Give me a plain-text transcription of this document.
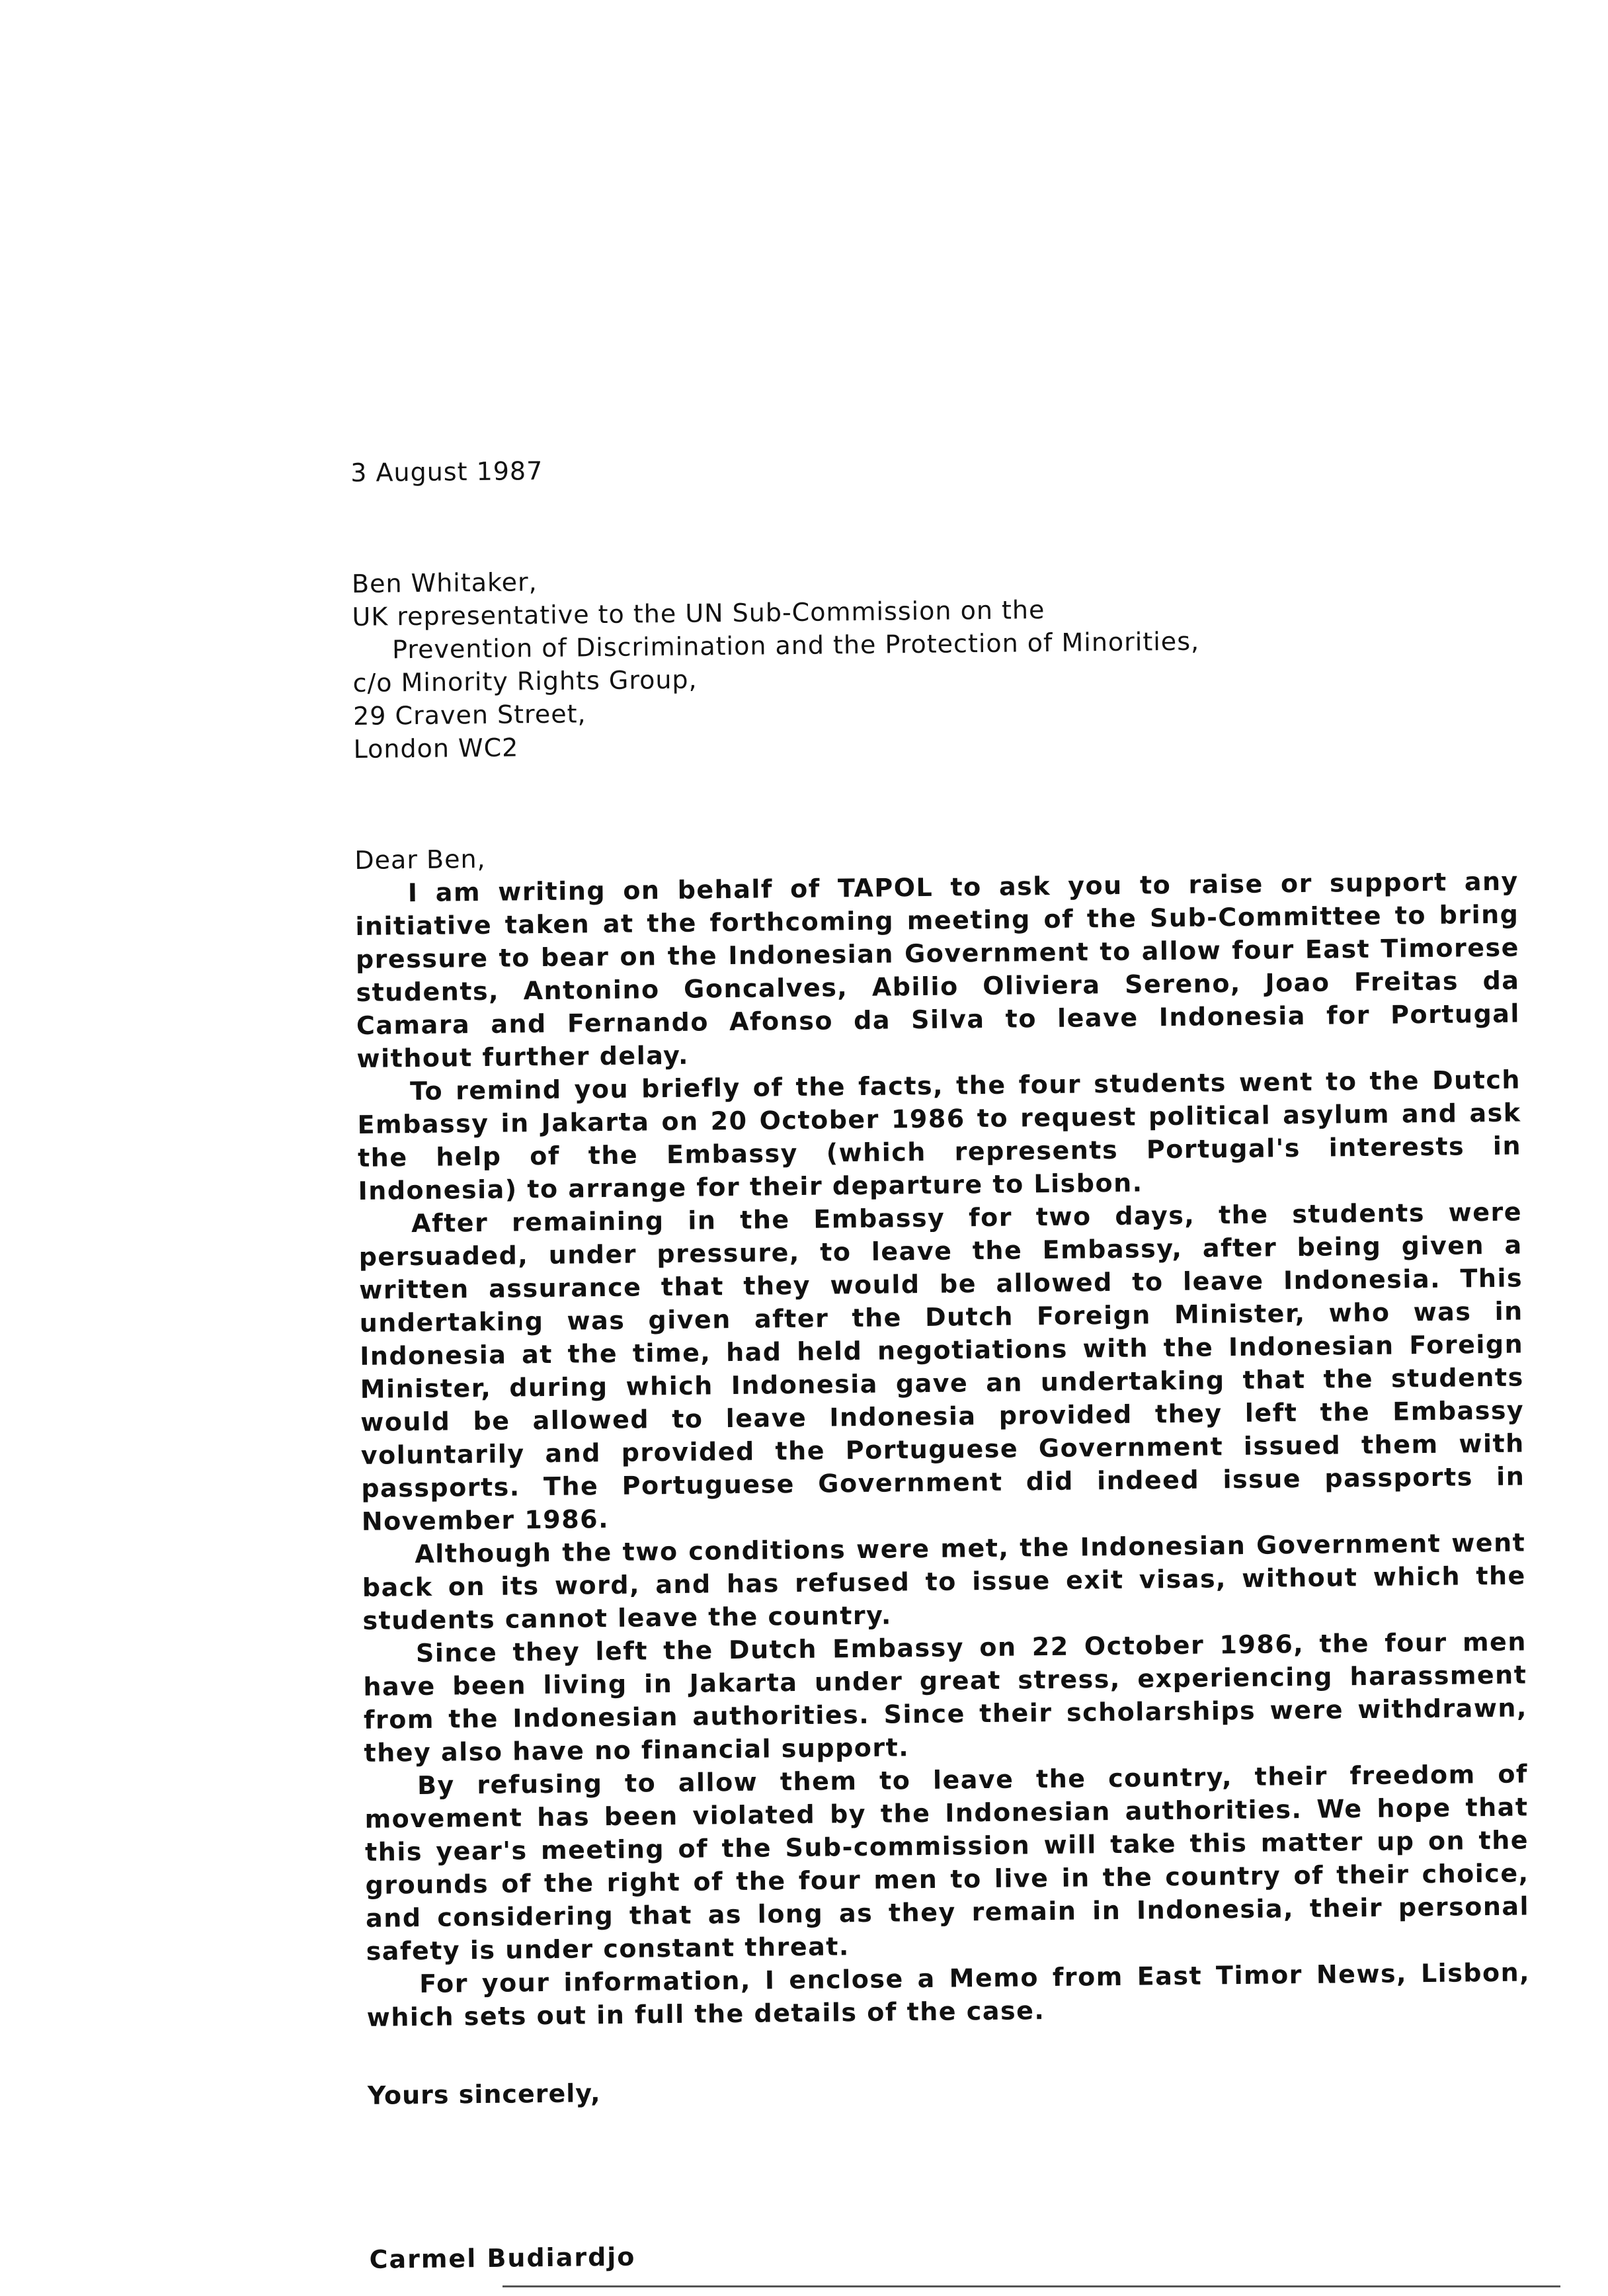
3 August 1987
Ben Whitaker,
UK representative to the UN Sub-Commission on the
Prevention of Discrimination and the Protection of Minorities,
c/o Minority Rights Group,
29 Craven Street,
London WC2
Dear Ben,

I am writing on behalf of TAPOL to ask you to raise or support any initiative taken at the forthcoming meeting of the Sub-Committee to bring pressure to bear on the Indonesian Government to allow four East Timorese students, Antonino Goncalves, Abilio Oliviera Sereno, Joao Freitas da Camara and Fernando Afonso da Silva to leave Indonesia for Portugal without further delay.

To remind you briefly of the facts, the four students went to the Dutch Embassy in Jakarta on 20 October 1986 to request political asylum and ask the help of the Embassy (which represents Portugal's interests in Indonesia) to arrange for their departure to Lisbon.

After remaining in the Embassy for two days, the students were persuaded, under pressure, to leave the Embassy, after being given a written assurance that they would be allowed to leave Indonesia. This undertaking was given after the Dutch Foreign Minister, who was in Indonesia at the time, had held negotiations with the Indonesian Foreign Minister, during which Indonesia gave an undertaking that the students would be allowed to leave Indonesia provided they left the Embassy voluntarily and provided the Portuguese Government issued them with passports. The Portuguese Government did indeed issue passports in November 1986.

Although the two conditions were met, the Indonesian Government went back on its word, and has refused to issue exit visas, without which the students cannot leave the country.

Since they left the Dutch Embassy on 22 October 1986, the four men have been living in Jakarta under great stress, experiencing harassment from the Indonesian authorities. Since their scholarships were withdrawn, they also have no financial support.

By refusing to allow them to leave the country, their freedom of movement has been violated by the Indonesian authorities. We hope that this year's meeting of the Sub-commission will take this matter up on the grounds of the right of the four men to live in the country of their choice, and considering that as long as they remain in Indonesia, their personal safety is under constant threat.

For your information, I enclose a Memo from East Timor News, Lisbon, which sets out in full the details of the case.

Yours sincerely,
Carmel Budiardjo
